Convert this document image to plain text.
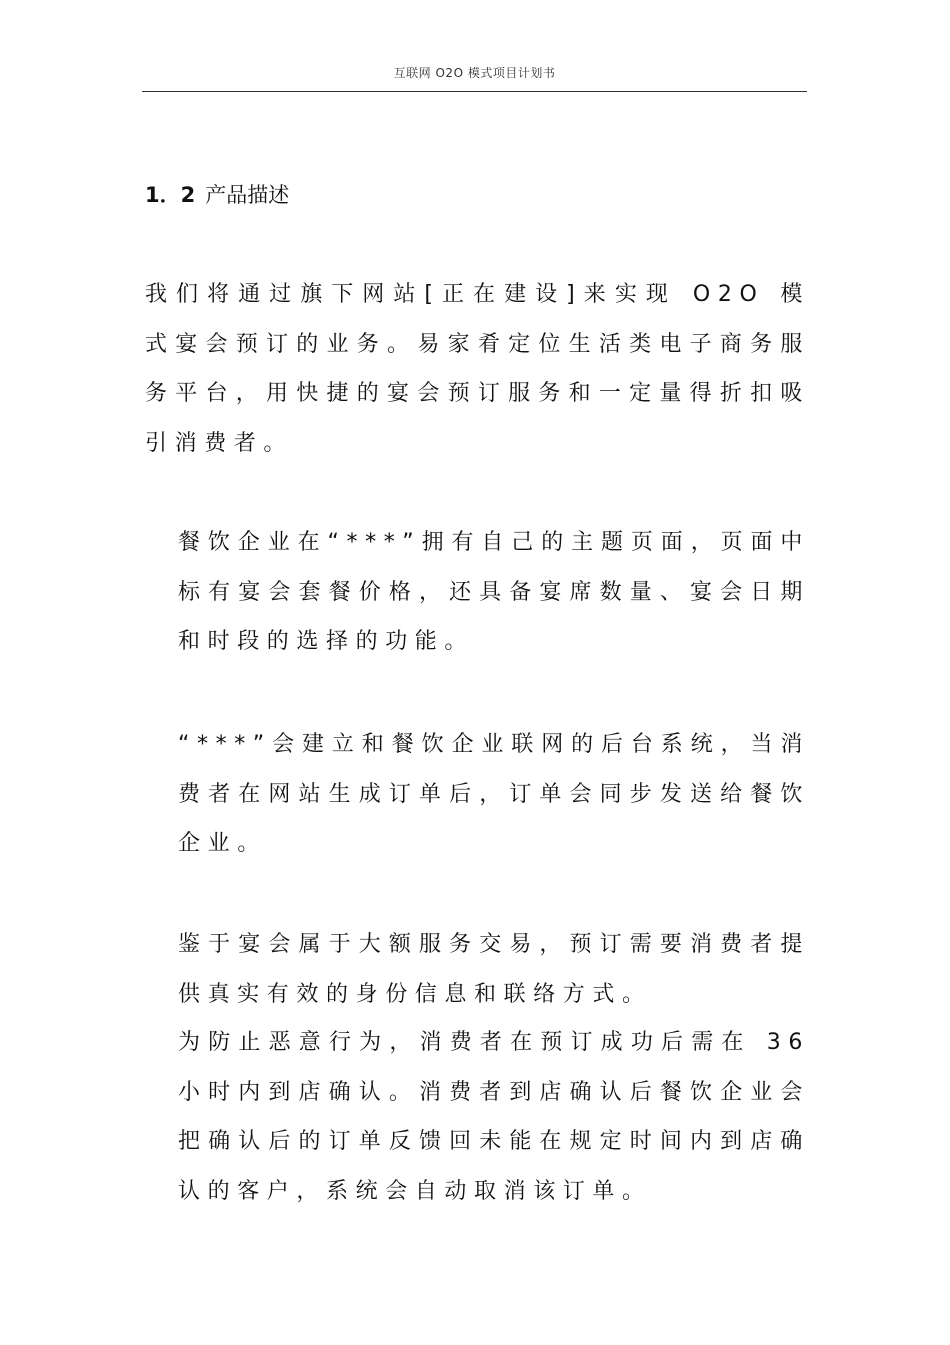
互联网 O2O 模式项目计划书
1．2 产品描述

我们将通过旗下网站[正在建设]来实现 O2O 模式宴会预订的业务。易家肴定位生活类电子商务服务平台，用快捷的宴会预订服务和一定量得折扣吸引消费者。

餐饮企业在“***”拥有自己的主题页面，页面中标有宴会套餐价格，还具备宴席数量、宴会日期和时段的选择的功能。

“***”会建立和餐饮企业联网的后台系统，当消费者在网站生成订单后，订单会同步发送给餐饮企业。

鉴于宴会属于大额服务交易，预订需要消费者提供真实有效的身份信息和联络方式。

为防止恶意行为，消费者在预订成功后需在 36 小时内到店确认。消费者到店确认后餐饮企业会把确认后的订单反馈回未能在规定时间内到店确认的客户，系统会自动取消该订单。
